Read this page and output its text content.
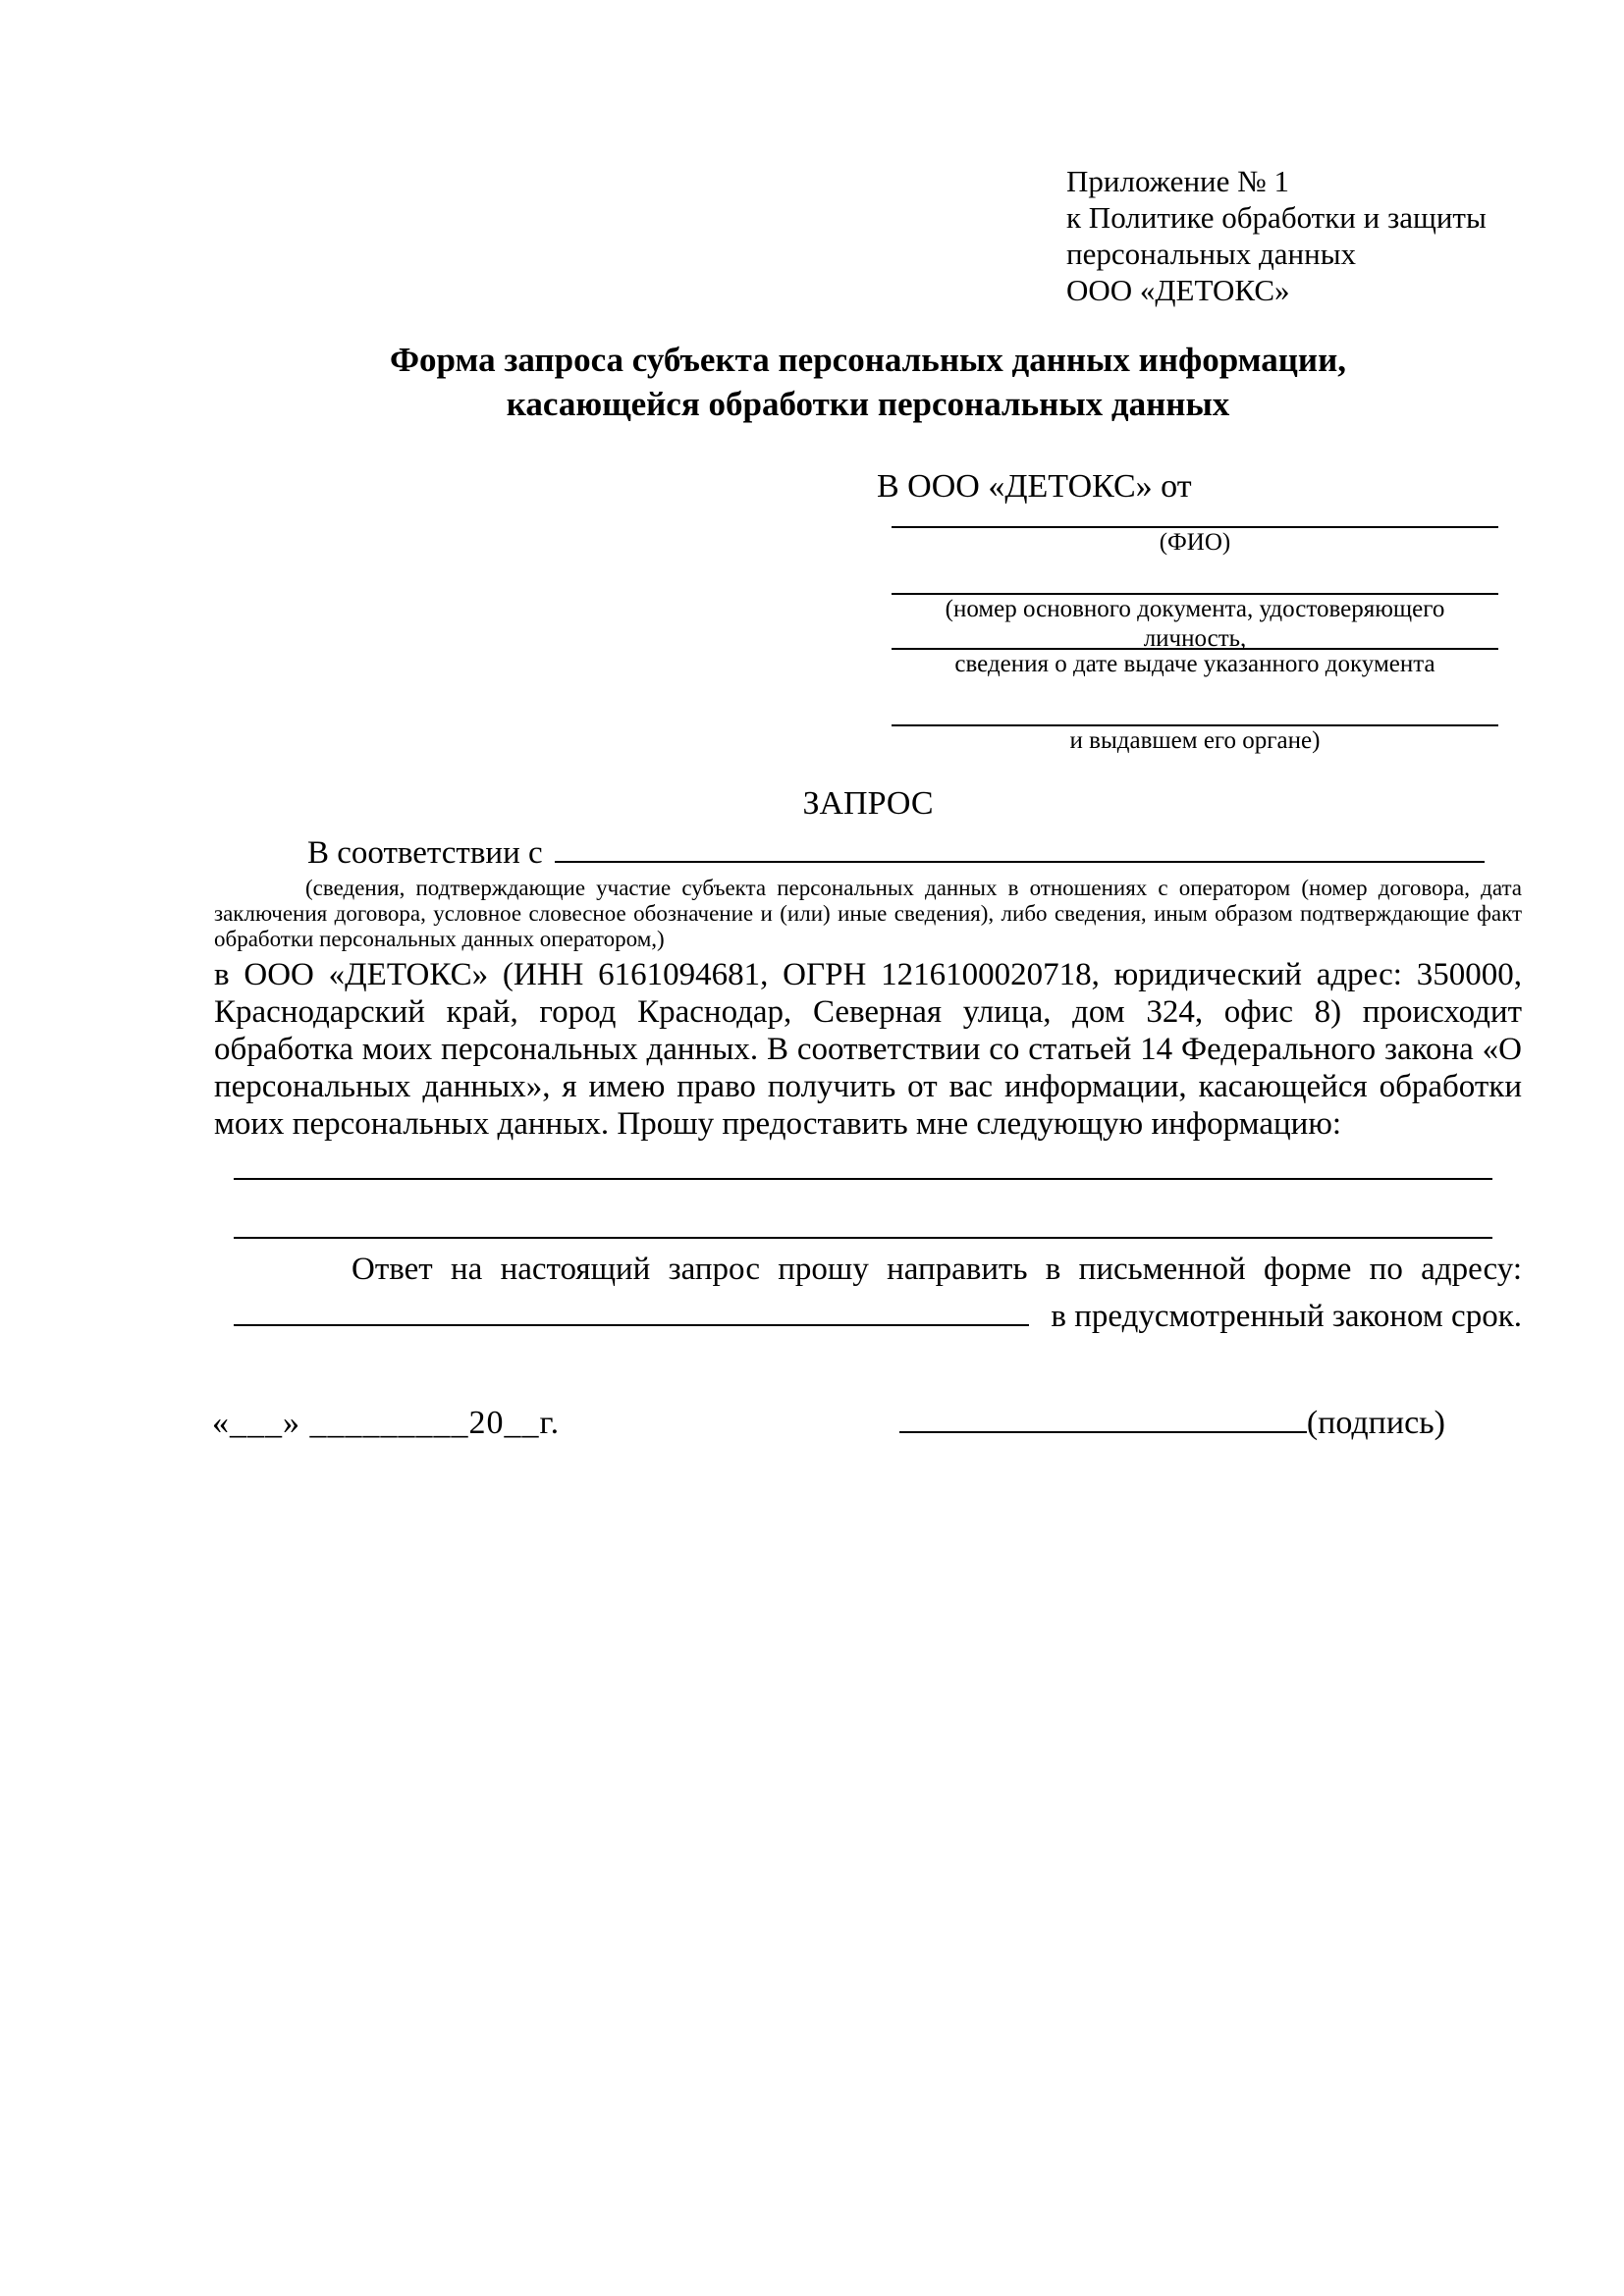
Приложение № 1
к Политике обработки и защиты
персональных данных
ООО «ДЕТОКС»
Форма запроса субъекта персональных данных информации,
касающейся обработки персональных данных
В ООО «ДЕТОКС» от
(ФИО)
(номер основного документа, удостоверяющего личность,
сведения о дате выдаче указанного документа
и выдавшем его органе)
ЗАПРОС
В соответствии с
(сведения, подтверждающие участие субъекта персональных данных в отношениях с оператором (номер договора, дата заключения договора, условное словесное обозначение и (или) иные сведения), либо сведения, иным образом подтверждающие факт обработки персональных данных оператором,)
в ООО «ДЕТОКС» (ИНН 6161094681, ОГРН 1216100020718, юридический адрес: 350000, Краснодарский край, город Краснодар, Северная улица, дом 324, офис 8) происходит обработка моих персональных данных. В соответствии со статьей 14 Федерального закона «О персональных данных», я имею право получить от вас информации, касающейся обработки моих персональных данных. Прошу предоставить мне следующую информацию:
Ответ на настоящий запрос прошу направить в письменной форме по адресу:
в предусмотренный законом срок.
«___» _________20__г.	(подпись)
